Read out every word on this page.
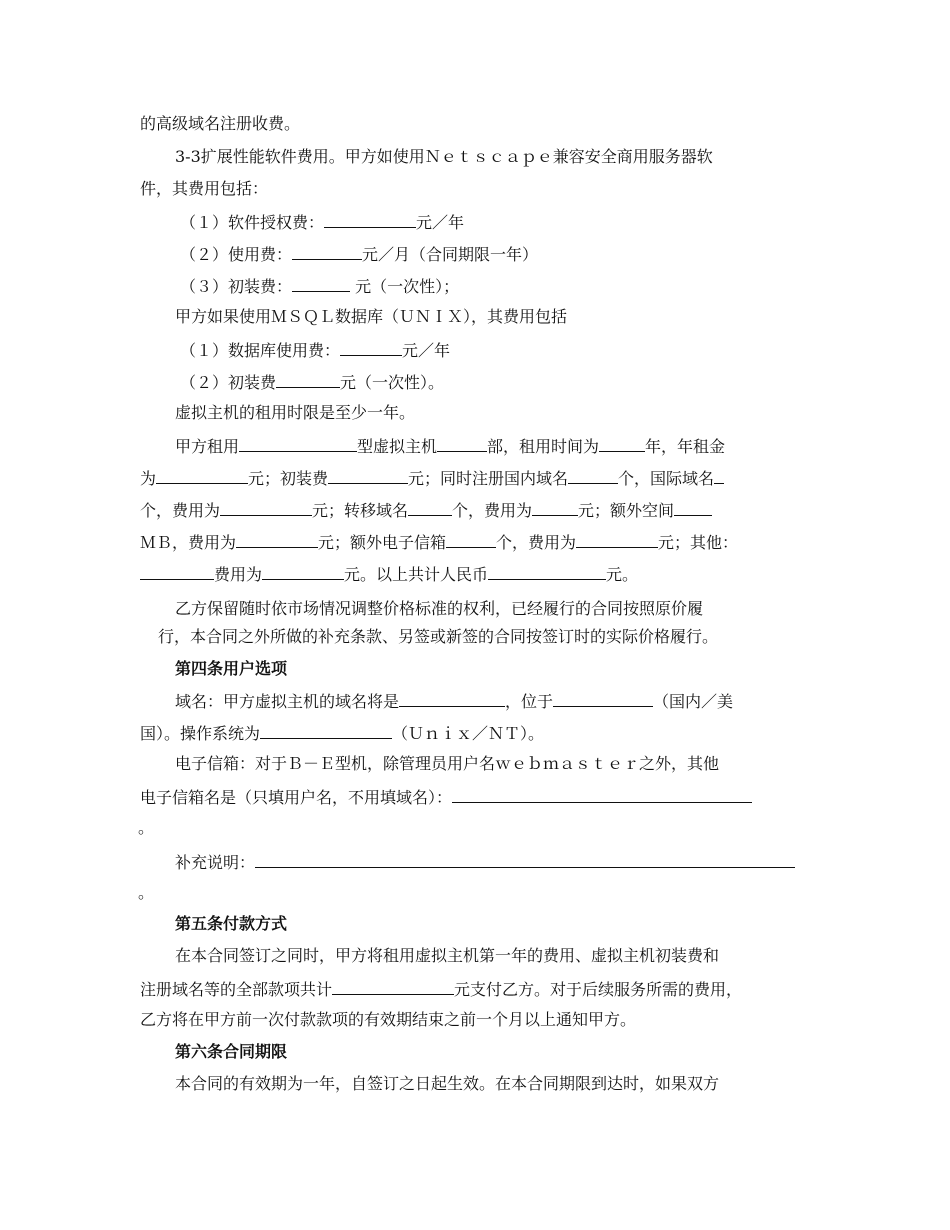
的高级域名注册收费。
3-3扩展性能软件费用。甲方如使用Ｎｅｔｓｃａｐｅ兼容安全商用服务器软
件，其费用包括：
（１）软件授权费：	元／年
（２）使用费：	元／月（合同期限一年）
（３）初装费：	元（一次性）；
甲方如果使用ＭＳＱＬ数据库（ＵＮＩＸ），其费用包括
（１）数据库使用费：	元／年
（２）初装费	元（一次性）。
虚拟主机的租用时限是至少一年。
甲方租用	型虚拟主机	部，租用时间为	年，年租金
为	元；初装费	元；同时注册国内域名	个，国际域名
个，费用为	元；转移域名	个，费用为	元；额外空间
ＭＢ，费用为	元；额外电子信箱	个，费用为	元；其他：
费用为	元。以上共计人民币	元。
乙方保留随时依市场情况调整价格标准的权利，已经履行的合同按照原价履
行，本合同之外所做的补充条款、另签或新签的合同按签订时的实际价格履行。
第四条用户选项
域名：甲方虚拟主机的域名将是	，位于	（国内／美
国）。操作系统为	（Ｕｎｉｘ／ＮＴ）。
电子信箱：对于Ｂ－Ｅ型机，除管理员用户名ｗｅｂｍａｓｔｅｒ之外，其他
电子信箱名是（只填用户名，不用填域名）：
。
补充说明：
。
第五条付款方式
在本合同签订之同时，甲方将租用虚拟主机第一年的费用、虚拟主机初装费和
注册域名等的全部款项共计	元支付乙方。对于后续服务所需的费用，
乙方将在甲方前一次付款款项的有效期结束之前一个月以上通知甲方。
第六条合同期限
本合同的有效期为一年，自签订之日起生效。在本合同期限到达时，如果双方
